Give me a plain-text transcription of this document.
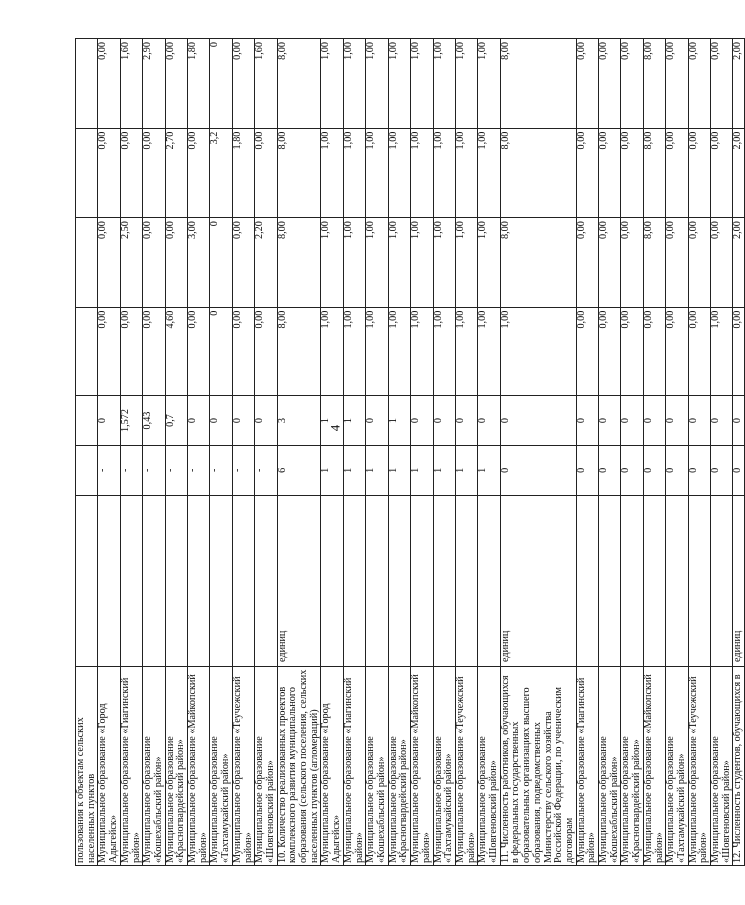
4
пользования к объектам сельских населенных пунктов							
Муниципальное образование «Город Адыгейск»		-	0	0,00	0,00	0,00	0,00
Муниципальное образование «Гиагинский район»		-	1,572	0,00	2,50	0,00	1,60
Муниципальное образование «Кошехабльский район»		-	0,43	0,00	0,00	0,00	2,90
Муниципальное образование «Красногвардейский район»		-	0,7	4,60	0,00	2,70	0,00
Муниципальное образование «Майкопский район»		-	0	0,00	3,00	0,00	1,80
Муниципальное образование «Тахтамукайский район»		-	0	0	0	3,2	0
Муниципальное образование «Теучежский район»		-	0	0,00	0,00	1,80	0,00
Муниципальное образование «Шовгеновский район»		-	0	0,00	2,20	0,00	1,60
10. Количество реализованных проектов комплексного развития муниципального образования (сельского поселения, сельских населенных пунктов (агломераций)	единиц	6	3	8,00	8,00	8,00	8,00
Муниципальное образование «Город Адыгейск»		1	1	1,00	1,00	1,00	1,00
Муниципальное образование «Гиагинский район»		1	1	1,00	1,00	1,00	1,00
Муниципальное образование «Кошехабльский район»		1	0	1,00	1,00	1,00	1,00
Муниципальное образование «Красногвардейский район»		1	1	1,00	1,00	1,00	1,00
Муниципальное образование «Майкопский район»		1	0	1,00	1,00	1,00	1,00
Муниципальное образование «Тахтамукайский район»		1	0	1,00	1,00	1,00	1,00
Муниципальное образование «Теучежский район»		1	0	1,00	1,00	1,00	1,00
Муниципальное образование «Шовгеновский район»		1	0	1,00	1,00	1,00	1,00
11. Численность работников, обучающихся в федеральных государственных образовательных организациях высшего образования, подведомственных Министерству сельского хозяйства Российской Федерации, по ученическим договорам	единиц	0	0	1,00	8,00	8,00	8,00
Муниципальное образование «Гиагинский район»		0	0	0,00	0,00	0,00	0,00
Муниципальное образование «Кошехабльский район»		0	0	0,00	0,00	0,00	0,00
Муниципальное образование «Красногвардейский район»		0	0	0,00	0,00	0,00	0,00
Муниципальное образование «Майкопский район»		0	0	0,00	8,00	8,00	8,00
Муниципальное образование «Тахтамукайский район»		0	0	0,00	0,00	0,00	0,00
Муниципальное образование «Теучежский район»		0	0	0,00	0,00	0,00	0,00
Муниципальное образование «Шовгеновский район»		0	0	1,00	0,00	0,00	0,00
12. Численность студентов, обучающихся в	единиц	0	0	0,00	2,00	2,00	2,00
